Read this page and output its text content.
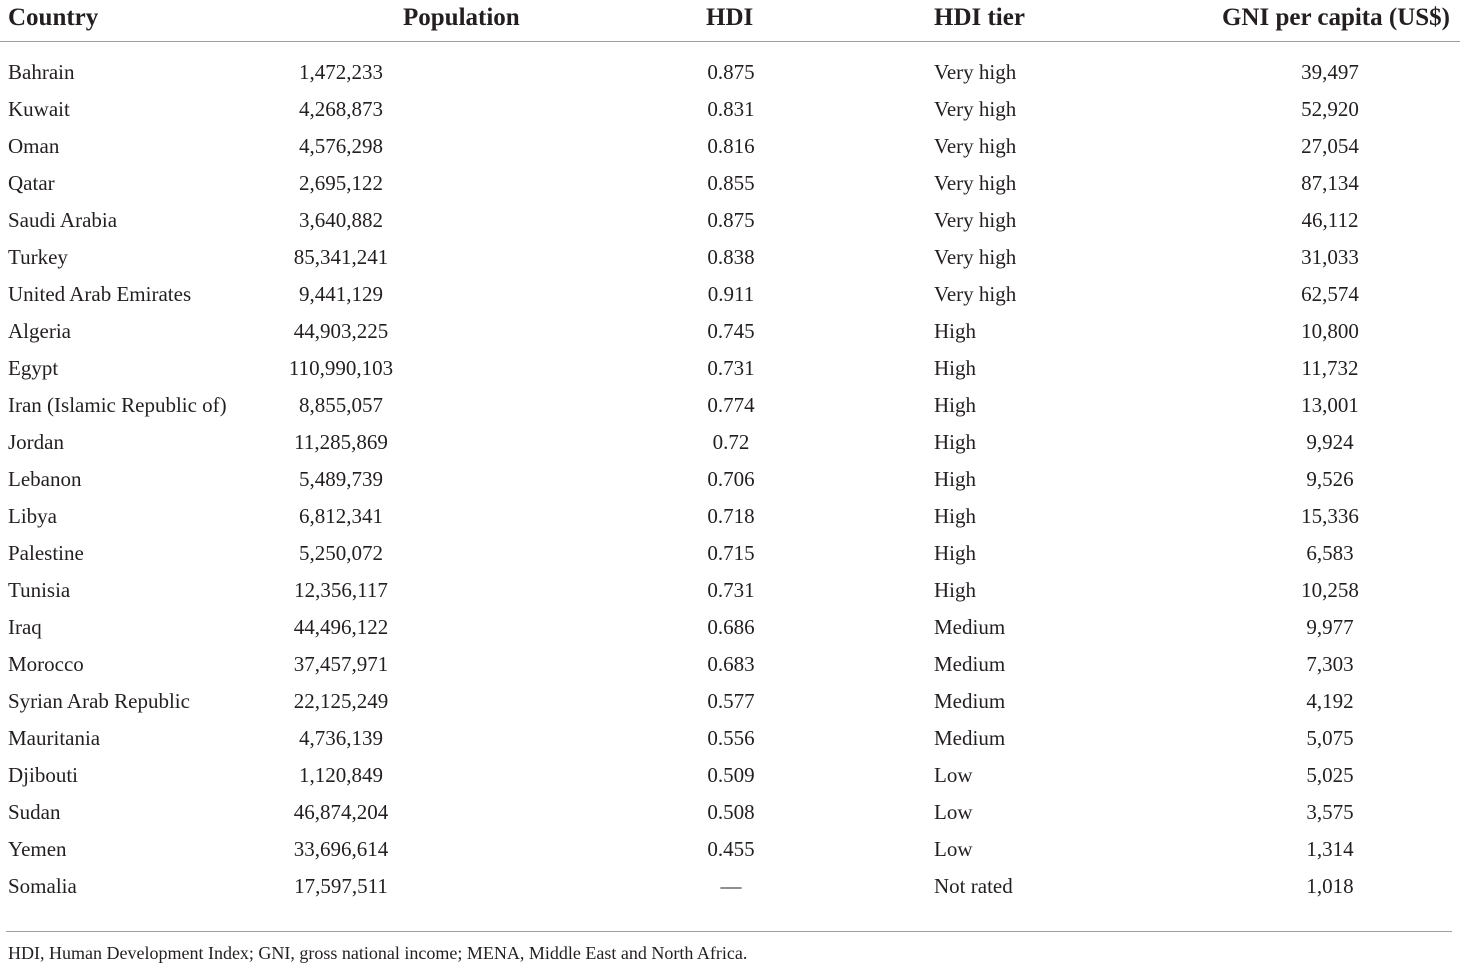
Country	Population	HDI	HDI tier	GNI per capita (US$)

Bahrain	1,472,233	0.875	Very high	39,497
Kuwait	4,268,873	0.831	Very high	52,920
Oman	4,576,298	0.816	Very high	27,054
Qatar	2,695,122	0.855	Very high	87,134
Saudi Arabia	3,640,882	0.875	Very high	46,112
Turkey	85,341,241	0.838	Very high	31,033
United Arab Emirates	9,441,129	0.911	Very high	62,574
Algeria	44,903,225	0.745	High	10,800
Egypt	110,990,103	0.731	High	11,732
Iran (Islamic Republic of)	8,855,057	0.774	High	13,001
Jordan	11,285,869	0.72	High	9,924
Lebanon	5,489,739	0.706	High	9,526
Libya	6,812,341	0.718	High	15,336
Palestine	5,250,072	0.715	High	6,583
Tunisia	12,356,117	0.731	High	10,258
Iraq	44,496,122	0.686	Medium	9,977
Morocco	37,457,971	0.683	Medium	7,303
Syrian Arab Republic	22,125,249	0.577	Medium	4,192
Mauritania	4,736,139	0.556	Medium	5,075
Djibouti	1,120,849	0.509	Low	5,025
Sudan	46,874,204	0.508	Low	3,575
Yemen	33,696,614	0.455	Low	1,314
Somalia	17,597,511	—	Not rated	1,018
HDI, Human Development Index; GNI, gross national income; MENA, Middle East and North Africa.
